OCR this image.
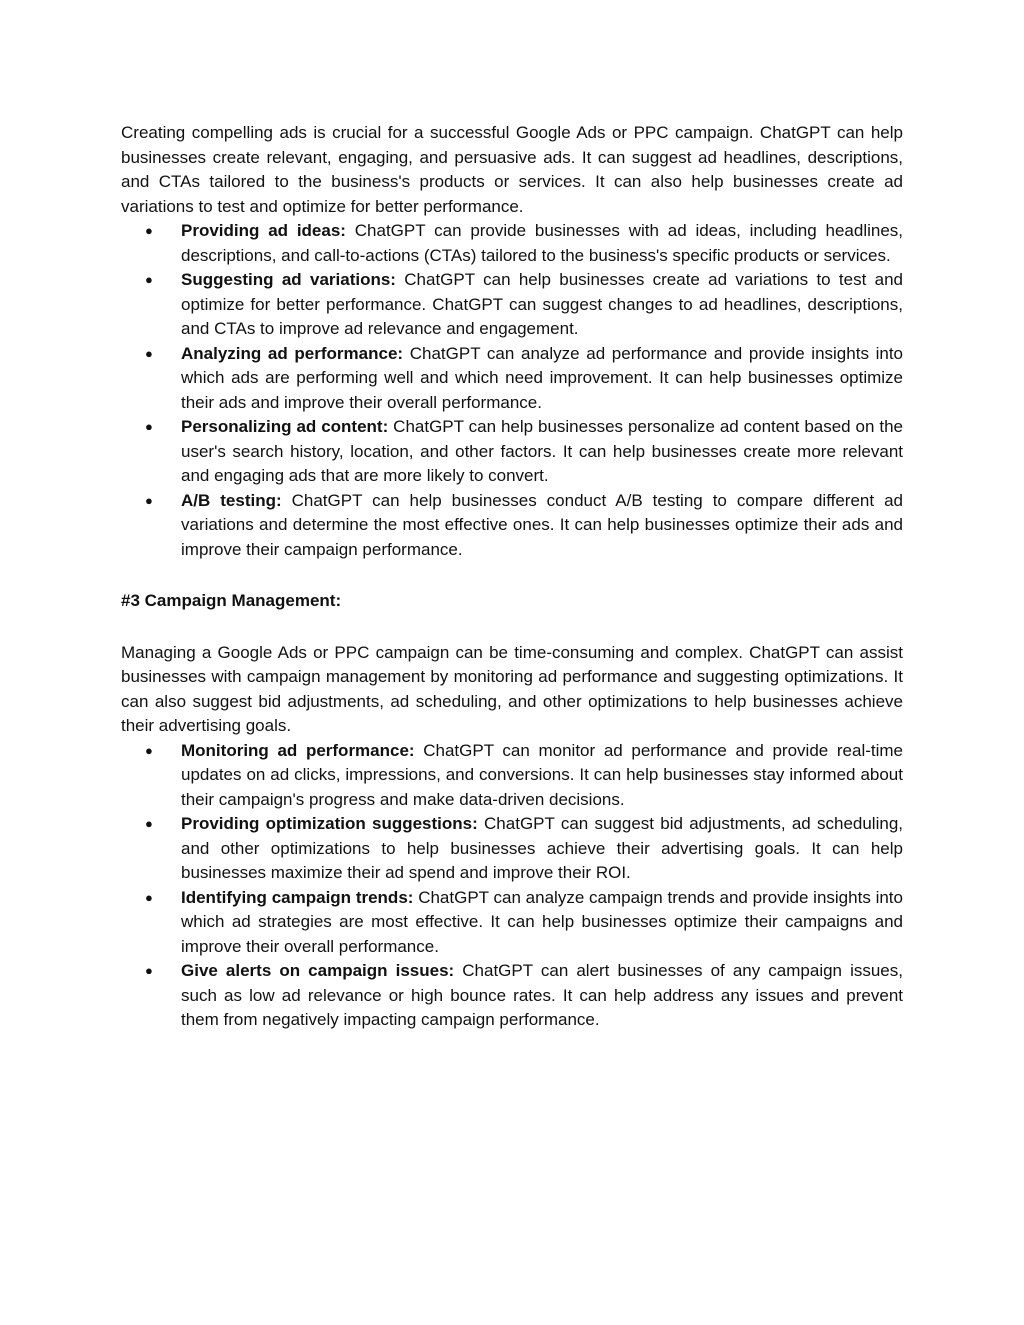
Creating compelling ads is crucial for a successful Google Ads or PPC campaign. ChatGPT can help businesses create relevant, engaging, and persuasive ads. It can suggest ad headlines, descriptions, and CTAs tailored to the business's products or services. It can also help businesses create ad variations to test and optimize for better performance.

● Providing ad ideas: ChatGPT can provide businesses with ad ideas, including headlines, descriptions, and call-to-actions (CTAs) tailored to the business's specific products or services.
● Suggesting ad variations: ChatGPT can help businesses create ad variations to test and optimize for better performance. ChatGPT can suggest changes to ad headlines, descriptions, and CTAs to improve ad relevance and engagement.
● Analyzing ad performance: ChatGPT can analyze ad performance and provide insights into which ads are performing well and which need improvement. It can help businesses optimize their ads and improve their overall performance.
● Personalizing ad content: ChatGPT can help businesses personalize ad content based on the user's search history, location, and other factors. It can help businesses create more relevant and engaging ads that are more likely to convert.
● A/B testing: ChatGPT can help businesses conduct A/B testing to compare different ad variations and determine the most effective ones. It can help businesses optimize their ads and improve their campaign performance.

#3 Campaign Management:

Managing a Google Ads or PPC campaign can be time-consuming and complex. ChatGPT can assist businesses with campaign management by monitoring ad performance and suggesting optimizations. It can also suggest bid adjustments, ad scheduling, and other optimizations to help businesses achieve their advertising goals.

● Monitoring ad performance: ChatGPT can monitor ad performance and provide real-time updates on ad clicks, impressions, and conversions. It can help businesses stay informed about their campaign's progress and make data-driven decisions.
● Providing optimization suggestions: ChatGPT can suggest bid adjustments, ad scheduling, and other optimizations to help businesses achieve their advertising goals. It can help businesses maximize their ad spend and improve their ROI.
● Identifying campaign trends: ChatGPT can analyze campaign trends and provide insights into which ad strategies are most effective. It can help businesses optimize their campaigns and improve their overall performance.
● Give alerts on campaign issues: ChatGPT can alert businesses of any campaign issues, such as low ad relevance or high bounce rates. It can help address any issues and prevent them from negatively impacting campaign performance.
